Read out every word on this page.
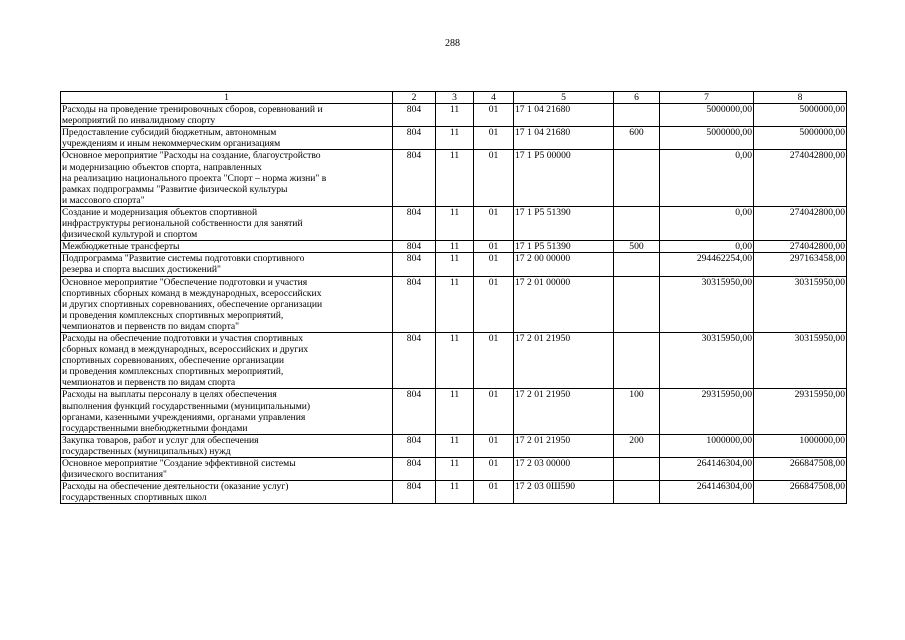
288
1	2	3	4	5	6	7	8
Расходы на проведение тренировочных сборов, соревнований и
мероприятий по инвалидному спорту	804	11	01	17 1 04 21680		5000000,00	5000000,00
Предоставление субсидий бюджетным, автономным
учреждениям и иным некоммерческим организациям	804	11	01	17 1 04 21680	600	5000000,00	5000000,00
Основное мероприятие "Расходы на создание, благоустройство
и модернизацию объектов спорта, направленных
на реализацию национального проекта "Спорт – норма жизни" в
рамках подпрограммы "Развитие физической культуры
и массового спорта"	804	11	01	17 1 P5 00000		0,00	274042800,00
Создание и модернизация объектов спортивной
инфраструктуры региональной собственности для занятий
физической культурой и спортом	804	11	01	17 1 P5 51390		0,00	274042800,00
Межбюджетные трансферты	804	11	01	17 1 P5 51390	500	0,00	274042800,00
Подпрограмма "Развитие системы подготовки спортивного
резерва и спорта высших достижений"	804	11	01	17 2 00 00000		294462254,00	297163458,00
Основное мероприятие "Обеспечение подготовки и участия
спортивных сборных команд в международных, всероссийских
и других спортивных соревнованиях, обеспечение организации
и проведения комплексных спортивных мероприятий,
чемпионатов и первенств по видам спорта"	804	11	01	17 2 01 00000		30315950,00	30315950,00
Расходы на обеспечение подготовки и участия спортивных
сборных команд в международных, всероссийских и других
спортивных соревнованиях, обеспечение организации
и проведения комплексных спортивных мероприятий,
чемпионатов и первенств по видам спорта	804	11	01	17 2 01 21950		30315950,00	30315950,00
Расходы на выплаты персоналу в целях обеспечения
выполнения функций государственными (муниципальными)
органами, казенными учреждениями, органами управления
государственными внебюджетными фондами	804	11	01	17 2 01 21950	100	29315950,00	29315950,00
Закупка товаров, работ и услуг для обеспечения
государственных (муниципальных) нужд	804	11	01	17 2 01 21950	200	1000000,00	1000000,00
Основное мероприятие "Создание эффективной системы
физического воспитания"	804	11	01	17 2 03 00000		264146304,00	266847508,00
Расходы на обеспечение деятельности (оказание услуг)
государственных спортивных школ	804	11	01	17 2 03 0Ш590		264146304,00	266847508,00
